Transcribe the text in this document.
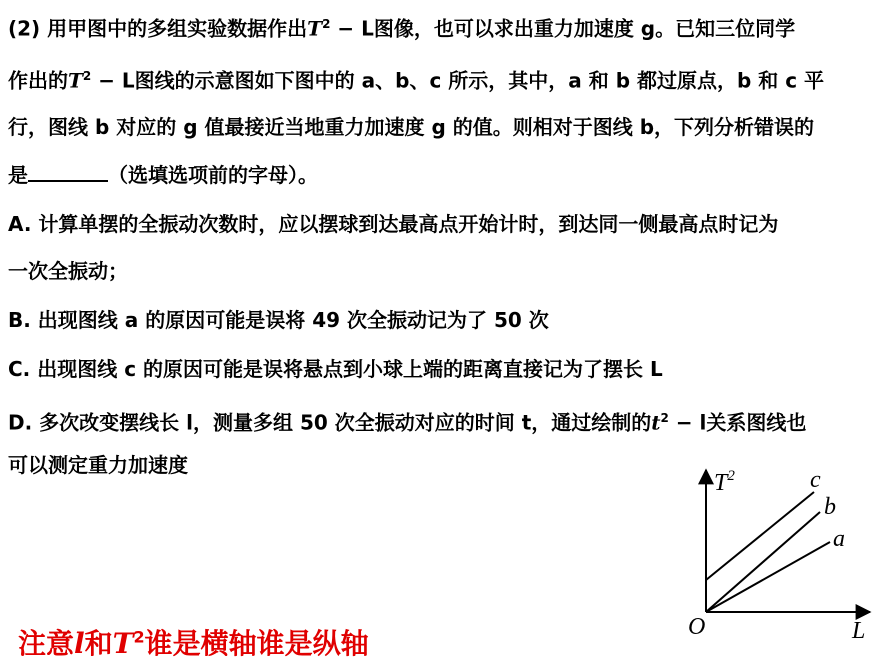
(2) 用甲图中的多组实验数据作出$T^2 - L$图像，也可以求出重力加速度 g。已知三位同学
作出的$T^2 - L$图线的示意图如下图中的 a、b、c 所示，其中，a 和 b 都过原点，b 和 c 平
行，图线 b 对应的 g 值最接近当地重力加速度 g 的值。则相对于图线 b，下列分析错误的
是	（选填选项前的字母）。
A. 计算单摆的全振动次数时，应以摆球到达最高点开始计时，到达同一侧最高点时记为
一次全振动；
B. 出现图线 a 的原因可能是误将 49 次全振动记为了 50 次
C. 出现图线 c 的原因可能是误将悬点到小球上端的距离直接记为了摆长 L
D. 多次改变摆线长 l，测量多组 50 次全振动对应的时间 t，通过绘制的$t^2 - l$关系图线也
可以测定重力加速度
$T^2$
L
O
a
b
c
注意l和$T^2$谁是横轴谁是纵轴
